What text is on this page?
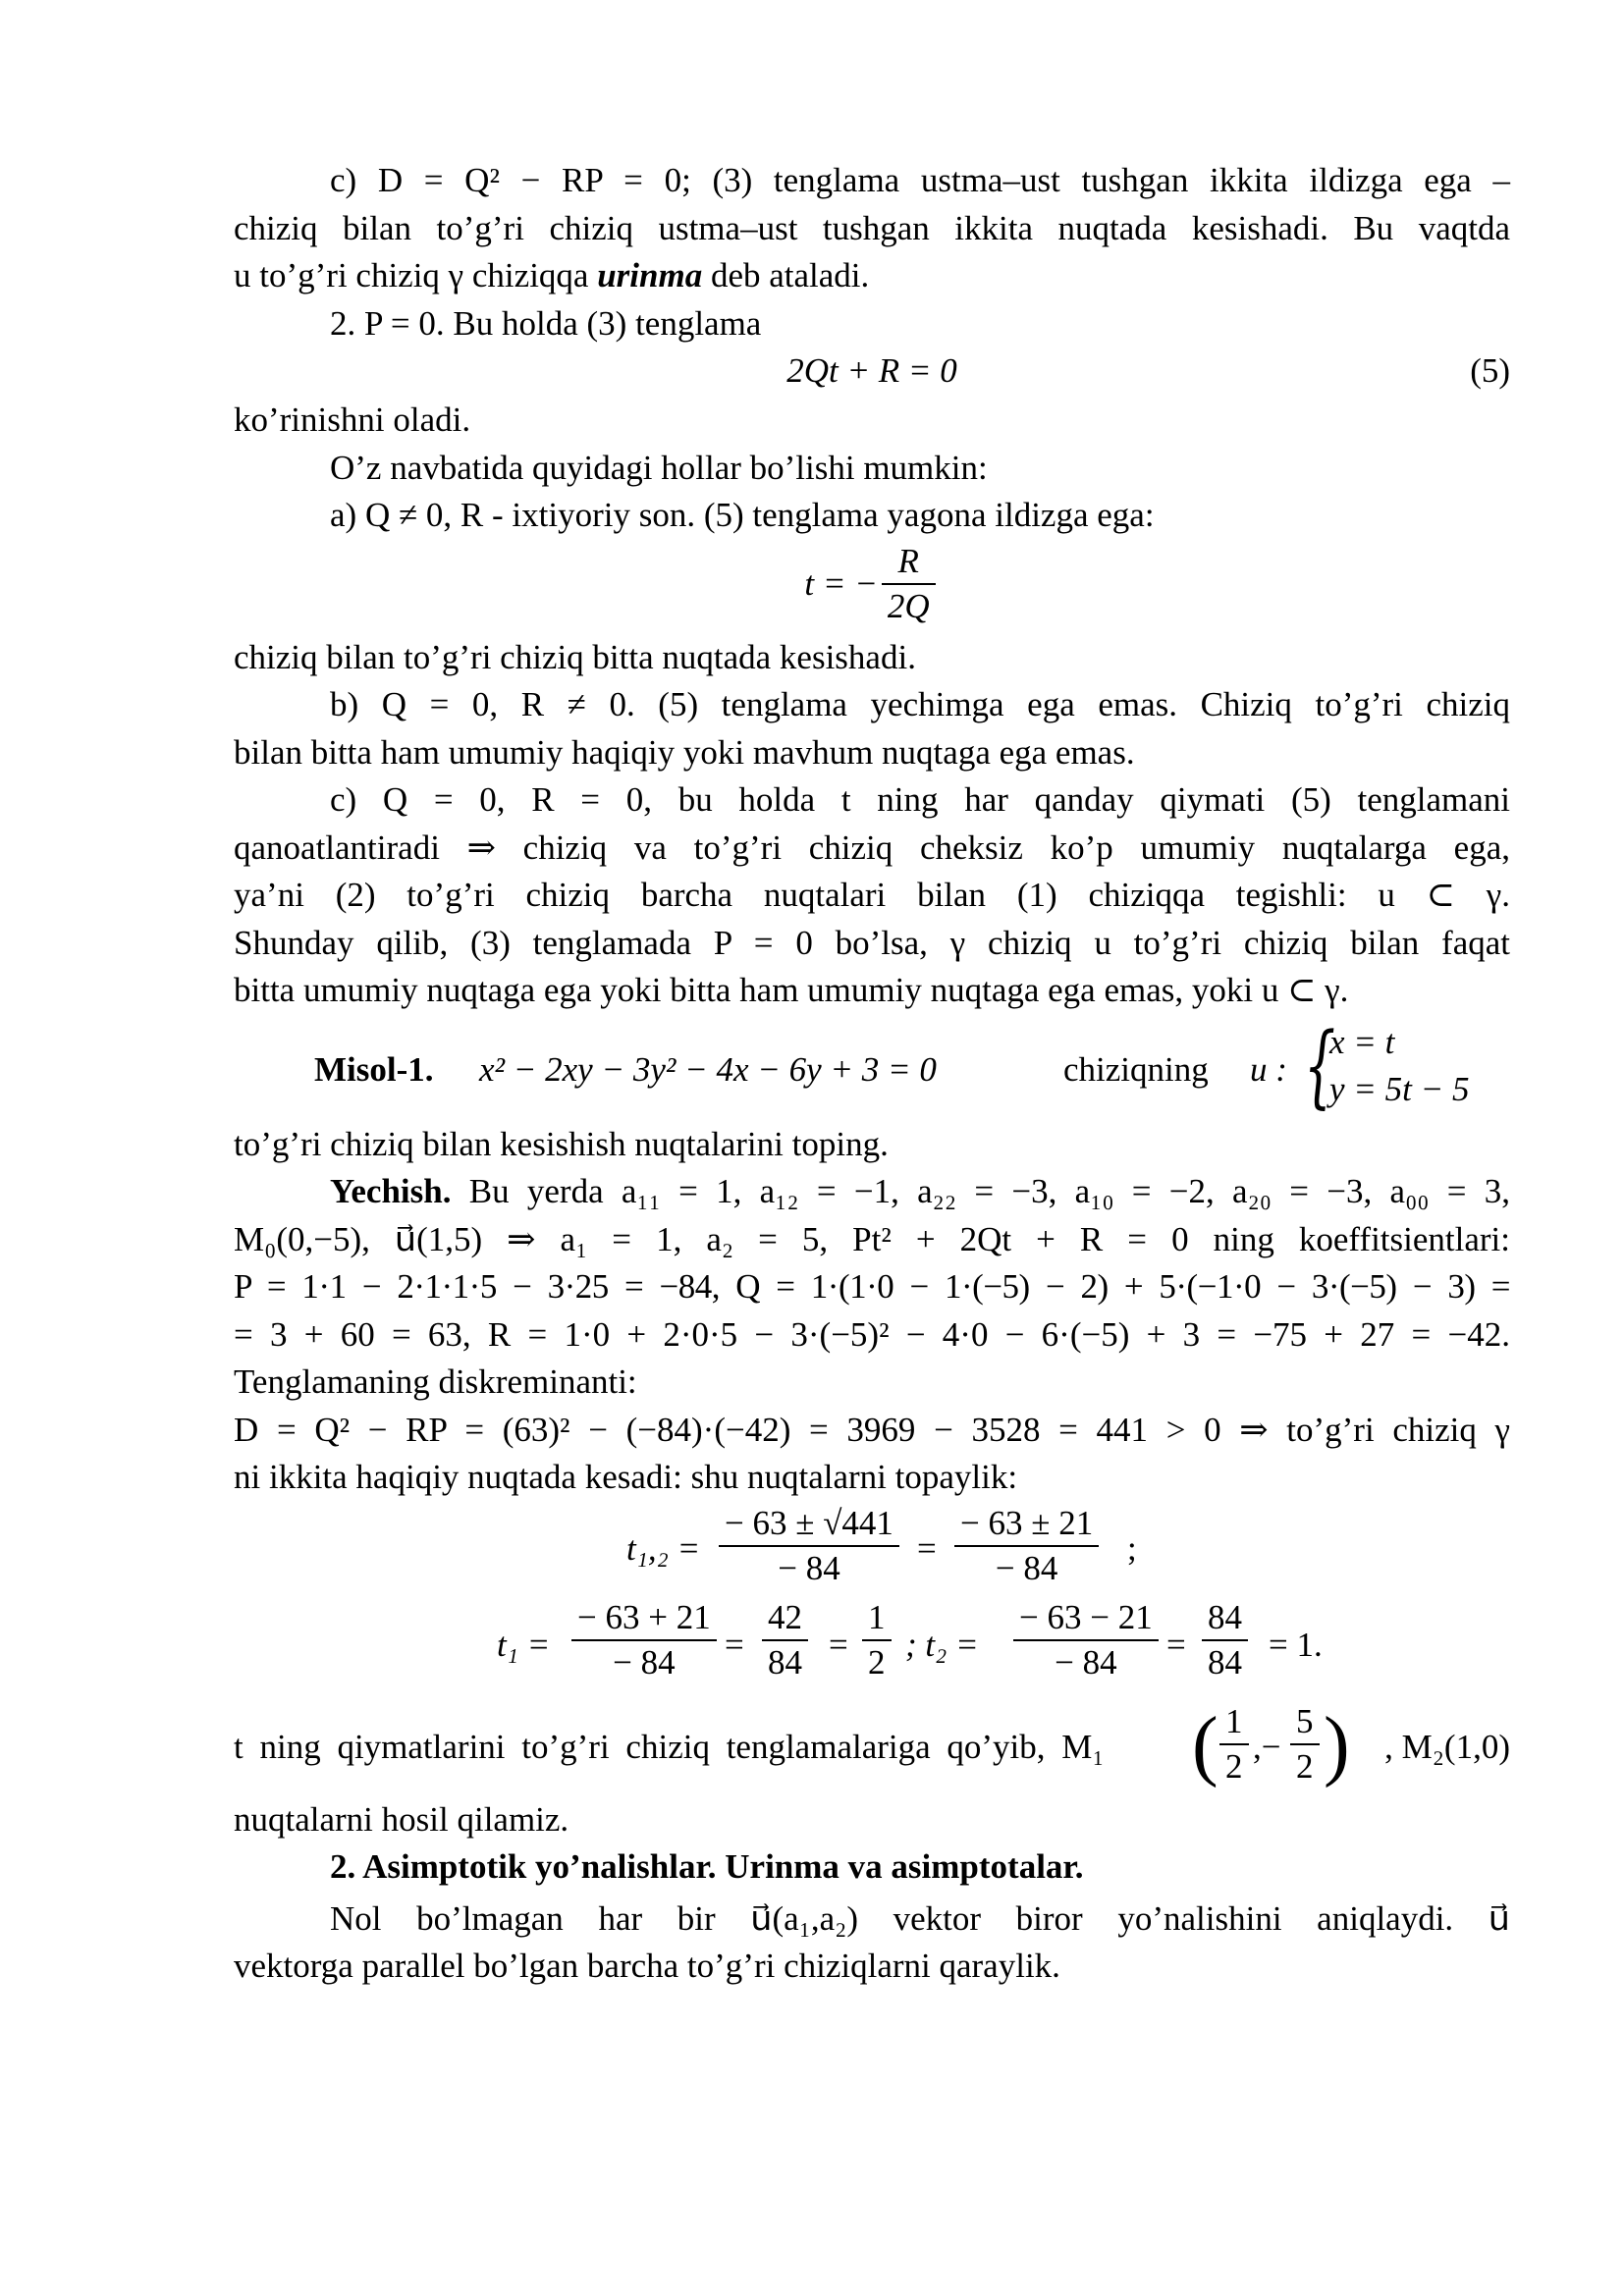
c) D = Q² − RP = 0; (3) tenglama ustma–ust tushgan ikkita ildizga ega –

chiziq bilan to’g’ri chiziq ustma–ust tushgan ikkita nuqtada kesishadi. Bu vaqtda

u to’g’ri chiziq γ chiziqqa urinma deb ataladi.

2. P = 0. Bu holda (3) tenglama

2Qt + R = 0	(5)

ko’rinishni oladi.

O’z navbatida quyidagi hollar bo’lishi mumkin:

a) Q ≠ 0, R - ixtiyoriy son. (5) tenglama yagona ildizga ega:

t = − $\frac{R}{2Q}$

chiziq bilan to’g’ri chiziq bitta nuqtada kesishadi.

b) Q = 0, R ≠ 0. (5) tenglama yechimga ega emas. Chiziq to’g’ri chiziq

bilan bitta ham umumiy haqiqiy yoki mavhum nuqtaga ega emas.

c) Q = 0, R = 0, bu holda t ning har qanday qiymati (5) tenglamani

qanoatlantiradi ⇒ chiziq va to’g’ri chiziq cheksiz ko’p umumiy nuqtalarga ega,

ya’ni (2) to’g’ri chiziq barcha nuqtalari bilan (1) chiziqqa tegishli: u ⊂ γ.

Shunday qilib, (3) tenglamada P = 0 bo’lsa, γ chiziq u to’g’ri chiziq bilan faqat

bitta umumiy nuqtaga ega yoki bitta ham umumiy nuqtaga ega emas, yoki u ⊂ γ.

Misol-1. x² − 2xy − 3y² − 4x − 6y + 3 = 0	chiziqning u : {
x = t
y = 5t − 5

to’g’ri chiziq bilan kesishish nuqtalarini toping.

Yechish. Bu yerda a₁₁ = 1, a₁₂ = −1, a₂₂ = −3, a₁₀ = −2, a₂₀ = −3, a₀₀ = 3,

M₀(0,−5), u⃗(1,5) ⇒ a₁ = 1, a₂ = 5, Pt² + 2Qt + R = 0 ning koeffitsientlari:

P = 1·1 − 2·1·1·5 − 3·25 = −84, Q = 1·(1·0 − 1·(−5) − 2) + 5·(−1·0 − 3·(−5) − 3) =

= 3 + 60 = 63, R = 1·0 + 2·0·5 − 3·(−5)² − 4·0 − 6·(−5) + 3 = −75 + 27 = −42.

Tenglamaning diskreminanti:

D = Q² − RP = (63)² − (−84)·(−42) = 3969 − 3528 = 441 > 0 ⇒ to’g’ri chiziq γ

ni ikkita haqiqiy nuqtada kesadi: shu nuqtalarni topaylik:

$t_1,_2 = \frac{- 63 \pm √441}{- 84} = \frac{- 63 \pm 21}{- 84}$ ;
$t_1 = \frac{- 63 + 21}{- 84} = \frac{42}{84} = \frac{1}{2}$ ; $t_2 = \frac{- 63 - 21}{- 84} = \frac{84}{84} = 1$.
t ning qiymatlarini to’g’ri chiziq tenglamalariga qo’yib, M₁ ( $\frac{1}{2}$ ,− $\frac{5}{2}$ ) , M₂(1,0)

nuqtalarni hosil qilamiz.

2. Asimptotik yo’nalishlar. Urinma va asimptotalar.

Nol bo’lmagan har bir u⃗(a₁,a₂) vektor biror yo’nalishini aniqlaydi. u⃗

vektorga parallel bo’lgan barcha to’g’ri chiziqlarni qaraylik.
